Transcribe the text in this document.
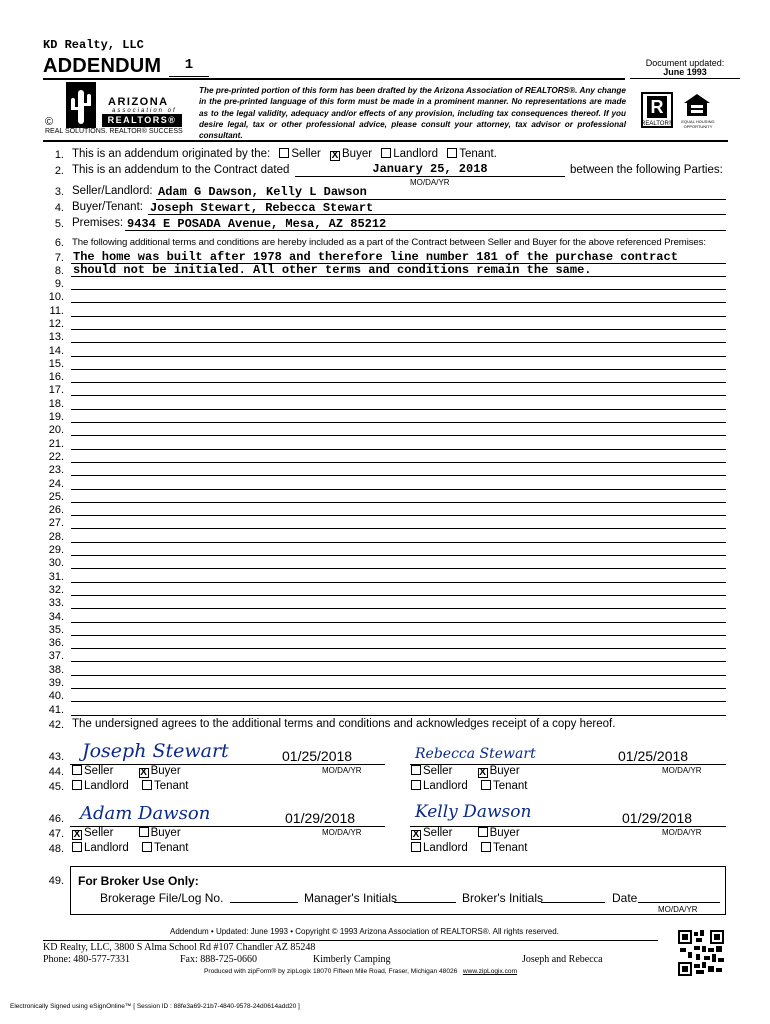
KD Realty, LLC
ADDENDUM	1	Document updated:
June 1993
ARIZONA
association of
REALTORS®
©
REAL SOLUTIONS. REALTOR® SUCCESS
The pre-printed portion of this form has been drafted by the Arizona Association of REALTORS®. Any change in the pre-printed language of this form must be made in a prominent manner. No representations are made as to the legal validity, adequacy and/or effects of any provision, including tax consequences thereof. If you desire legal, tax or other professional advice, please consult your attorney, tax advisor or professional consultant.
R
REALTOR®	EQUAL HOUSING OPPORTUNITY
1. This is an addendum originated by the: Seller X Buyer Landlord Tenant.
2. This is an addendum to the Contract dated	January 25, 2018	between the following Parties:
MO/DA/YR
3. Seller/Landlord: Adam G Dawson, Kelly L Dawson
4. Buyer/Tenant: Joseph Stewart, Rebecca Stewart
5. Premises: 9434 E POSADA Avenue, Mesa, AZ 85212
6. The following additional terms and conditions are hereby included as a part of the Contract between Seller and Buyer for the above referenced Premises:
7. The home was built after 1978 and therefore line number 181 of the purchase contract
8. should not be initialed. All other terms and conditions remain the same.
9.
10.
11.
12.
13.
14.
15.
16.
17.
18.
19.
20.
21.
22.
23.
24.
25.
26.
27.
28.
29.
30.
31.
32.
33.
34.
35.
36.
37.
38.
39.
40.
41.
42. The undersigned agrees to the additional terms and conditions and acknowledges receipt of a copy hereof.
43. Joseph Stewart	01/25/2018
MO/DA/YR
Rebecca Stewart	01/25/2018
MO/DA/YR
44.	Seller	X Buyer	Seller	X Buyer
45.	Landlord Tenant	Landlord Tenant
46. Adam Dawson	01/29/2018
MO/DA/YR
Kelly Dawson	01/29/2018
MO/DA/YR
47. X Seller	Buyer	X Seller	Buyer
48.	Landlord Tenant	Landlord Tenant
49. For Broker Use Only:
Brokerage File/Log No.	Manager's Initials	Broker's Initials	Date
MO/DA/YR
Addendum • Updated: June 1993 • Copyright © 1993 Arizona Association of REALTORS®. All rights reserved.
KD Realty, LLC, 3800 S Alma School Rd #107 Chandler AZ 85248
Phone: 480-577-7331	Fax: 888-725-0660	Kimberly Camping	Joseph and Rebecca
Produced with zipForm® by zipLogix 18070 Fifteen Mile Road, Fraser, Michigan 48026 www.zipLogix.com
Electronically Signed using eSignOnline™ [ Session ID : 88fe3a69-21b7-4840-9578-24d0614add20 ]
